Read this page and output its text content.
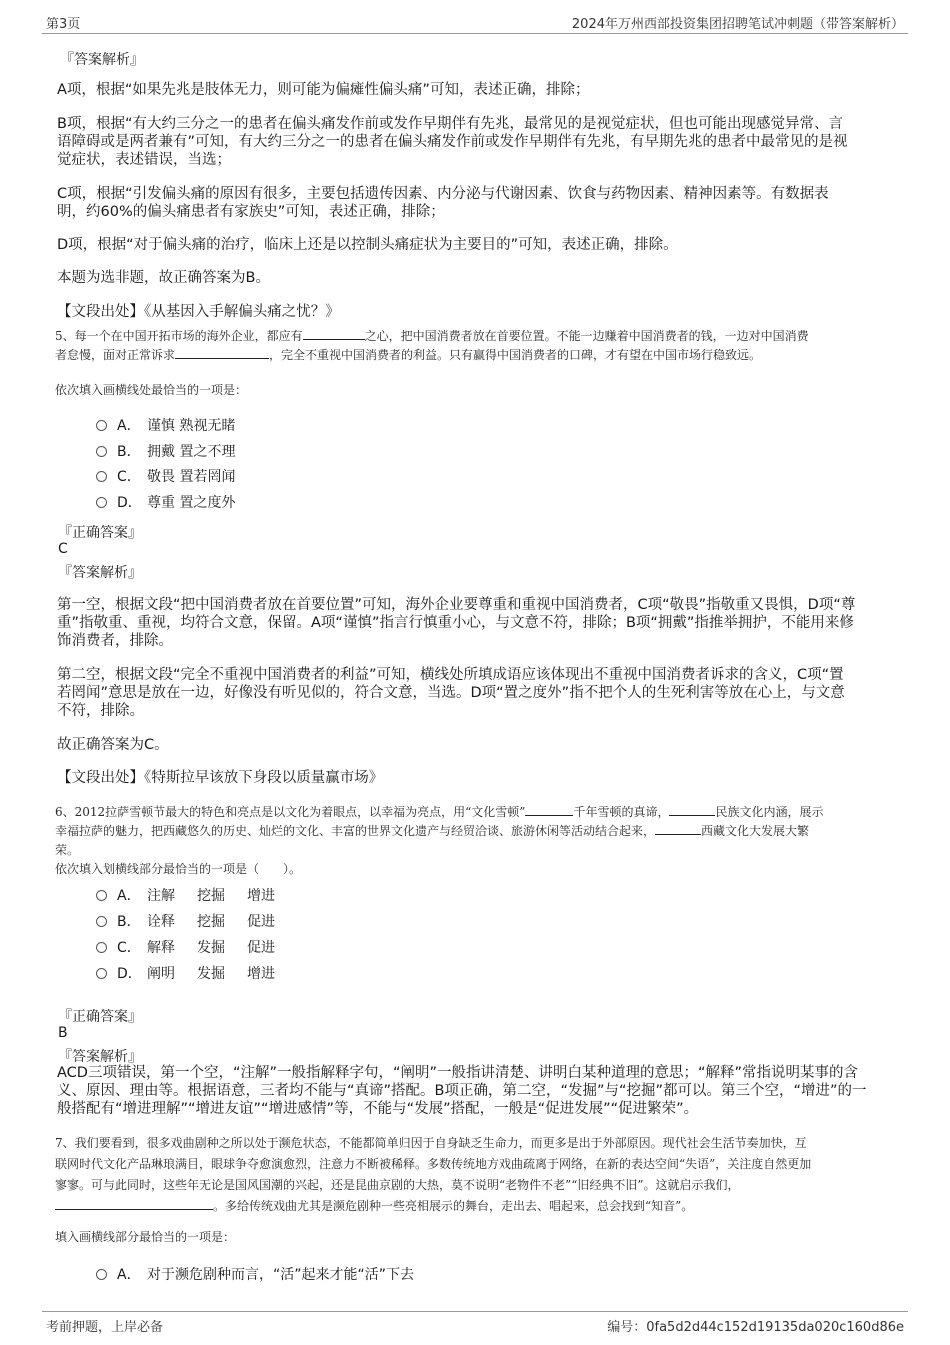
第3页	2024年万州西部投资集团招聘笔试冲刺题（带答案解析）
『答案解析』
A项，根据“如果先兆是肢体无力，则可能为偏瘫性偏头痛”可知，表述正确，排除；
B项，根据“有大约三分之一的患者在偏头痛发作前或发作早期伴有先兆，最常见的是视觉症状，但也可能出现感觉异常、言
语障碍或是两者兼有”可知，有大约三分之一的患者在偏头痛发作前或发作早期伴有先兆，有早期先兆的患者中最常见的是视
觉症状，表述错误，当选；
C项，根据“引发偏头痛的原因有很多，主要包括遗传因素、内分泌与代谢因素、饮食与药物因素、精神因素等。有数据表
明，约60%的偏头痛患者有家族史”可知，表述正确，排除；
D项，根据“对于偏头痛的治疗，临床上还是以控制头痛症状为主要目的”可知，表述正确，排除。
本题为选非题，故正确答案为B。
【文段出处】《从基因入手解偏头痛之忧？》
5、每一个在中国开拓市场的海外企业，都应有	之心，把中国消费者放在首要位置。不能一边赚着中国消费者的钱，一边对中国消费
者怠慢，面对正常诉求	，完全不重视中国消费者的利益。只有赢得中国消费者的口碑，才有望在中国市场行稳致远。
依次填入画横线处最恰当的一项是：
A． 谨慎 熟视无睹
B． 拥戴 置之不理
C． 敬畏 置若罔闻
D． 尊重 置之度外
『正确答案』
C
『答案解析』
第一空，根据文段“把中国消费者放在首要位置”可知，海外企业要尊重和重视中国消费者，C项“敬畏”指敬重又畏惧，D项“尊
重”指敬重、重视，均符合文意，保留。A项“谨慎”指言行慎重小心，与文意不符，排除；B项“拥戴”指推举拥护，不能用来修
饰消费者，排除。
第二空，根据文段“完全不重视中国消费者的利益”可知，横线处所填成语应该体现出不重视中国消费者诉求的含义，C项“置
若罔闻”意思是放在一边，好像没有听见似的，符合文意，当选。D项“置之度外”指不把个人的生死利害等放在心上，与文意
不符，排除。
故正确答案为C。
【文段出处】《特斯拉早该放下身段以质量赢市场》
6、2012拉萨雪顿节最大的特色和亮点是以文化为着眼点，以幸福为亮点，用“文化雪顿”	千年雪顿的真谛，	民族文化内涵，展示
幸福拉萨的魅力，把西藏悠久的历史、灿烂的文化、丰富的世界文化遗产与经贸洽谈、旅游休闲等活动结合起来，	西藏文化大发展大繁
荣。
依次填入划横线部分最恰当的一项是（　　）。
A． 注解 挖掘 增进
B． 诠释 挖掘 促进
C． 解释 发掘 促进
D． 阐明 发掘 增进
『正确答案』
B
『答案解析』
ACD三项错误，第一个空，“注解”一般指解释字句，“阐明”一般指讲清楚、讲明白某种道理的意思；“解释”常指说明某事的含
义、原因、理由等。根据语意，三者均不能与“真谛”搭配。B项正确，第二空，“发掘”与“挖掘”都可以。第三个空，“增进”的一
般搭配有“增进理解”“增进友谊”“增进感情”等，不能与“发展”搭配，一般是“促进发展”“促进繁荣”。
7、我们要看到，很多戏曲剧种之所以处于濒危状态，不能都简单归因于自身缺乏生命力，而更多是出于外部原因。现代社会生活节奏加快，互
联网时代文化产品琳琅满目，眼球争夺愈演愈烈，注意力不断被稀释。多数传统地方戏曲疏离于网络，在新的表达空间“失语”，关注度自然更加
寥寥。可与此同时，这些年无论是国风国潮的兴起，还是昆曲京剧的大热，莫不说明“老物件不老”“旧经典不旧”。这就启示我们，
。多给传统戏曲尤其是濒危剧种一些亮相展示的舞台，走出去、唱起来，总会找到“知音”。
填入画横线部分最恰当的一项是：
A． 对于濒危剧种而言，“活”起来才能“活”下去
考前押题，上岸必备	编号：0fa5d2d44c152d19135da020c160d86e
